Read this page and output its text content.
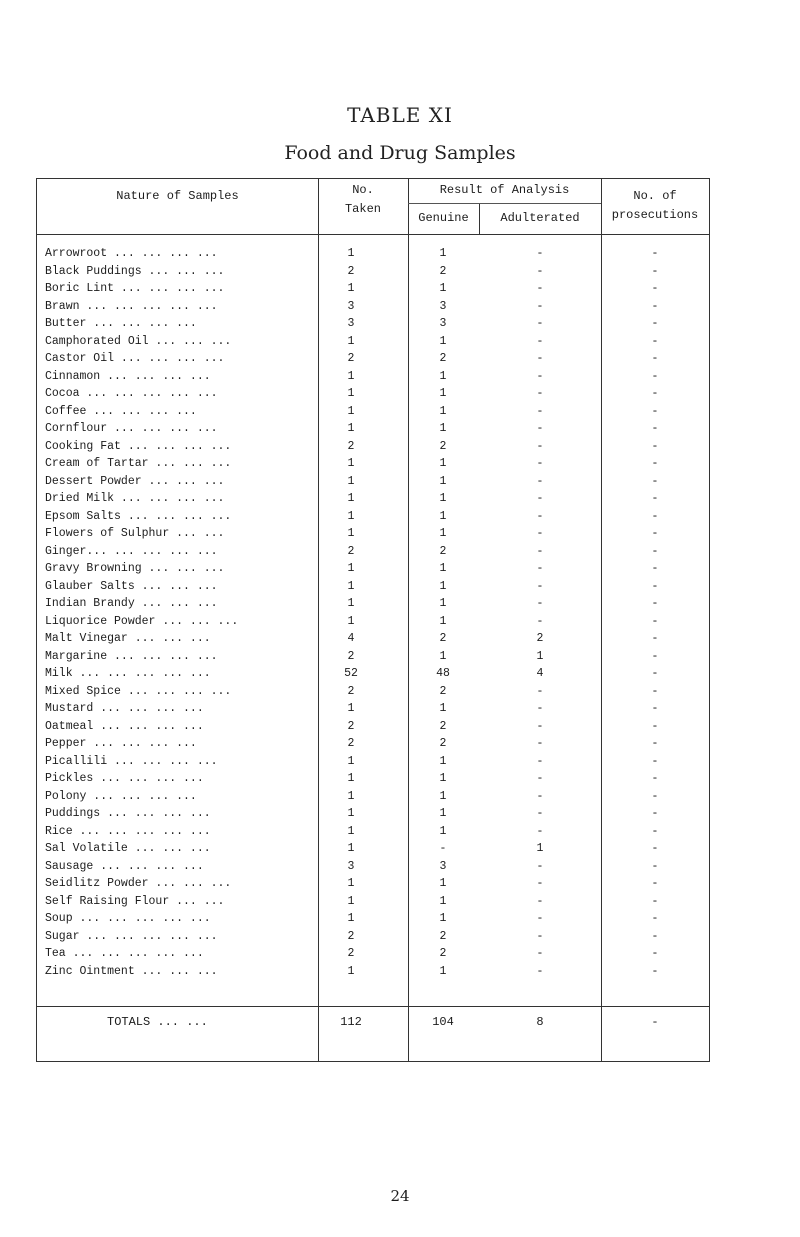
TABLE XI
Food and Drug Samples
Nature of Samples	No.
Taken
Result of Analysis
Genuine	Adulterated
No. of
prosecutions
Arrowroot ... ... ... ...	1	1	-	-
Black Puddings ... ... ...	2	2	-	-
Boric Lint ... ... ... ...	1	1	-	-
Brawn ... ... ... ... ...	3	3	-	-
Butter ... ... ... ...	3	3	-	-
Camphorated Oil ... ... ...	1	1	-	-
Castor Oil ... ... ... ...	2	2	-	-
Cinnamon ... ... ... ...	1	1	-	-
Cocoa ... ... ... ... ...	1	1	-	-
Coffee ... ... ... ...	1	1	-	-
Cornflour ... ... ... ...	1	1	-	-
Cooking Fat ... ... ... ...	2	2	-	-
Cream of Tartar ... ... ...	1	1	-	-
Dessert Powder ... ... ...	1	1	-	-
Dried Milk ... ... ... ...	1	1	-	-
Epsom Salts ... ... ... ...	1	1	-	-
Flowers of Sulphur ... ...	1	1	-	-
Ginger... ... ... ... ...	2	2	-	-
Gravy Browning ... ... ...	1	1	-	-
Glauber Salts ... ... ...	1	1	-	-
Indian Brandy ... ... ...	1	1	-	-
Liquorice Powder ... ... ...	1	1	-	-
Malt Vinegar ... ... ...	4	2	2	-
Margarine ... ... ... ...	2	1	1	-
Milk ... ... ... ... ...	52	48	4	-
Mixed Spice ... ... ... ...	2	2	-	-
Mustard ... ... ... ...	1	1	-	-
Oatmeal ... ... ... ...	2	2	-	-
Pepper ... ... ... ...	2	2	-	-
Picallili ... ... ... ...	1	1	-	-
Pickles ... ... ... ...	1	1	-	-
Polony ... ... ... ...	1	1	-	-
Puddings ... ... ... ...	1	1	-	-
Rice ... ... ... ... ...	1	1	-	-
Sal Volatile ... ... ...	1	-	1	-
Sausage ... ... ... ...	3	3	-	-
Seidlitz Powder ... ... ...	1	1	-	-
Self Raising Flour ... ...	1	1	-	-
Soup ... ... ... ... ...	1	1	-	-
Sugar ... ... ... ... ...	2	2	-	-
Tea ... ... ... ... ...	2	2	-	-
Zinc Ointment ... ... ...	1	1	-	-
TOTALS ... ...	112	104	8	-
24
